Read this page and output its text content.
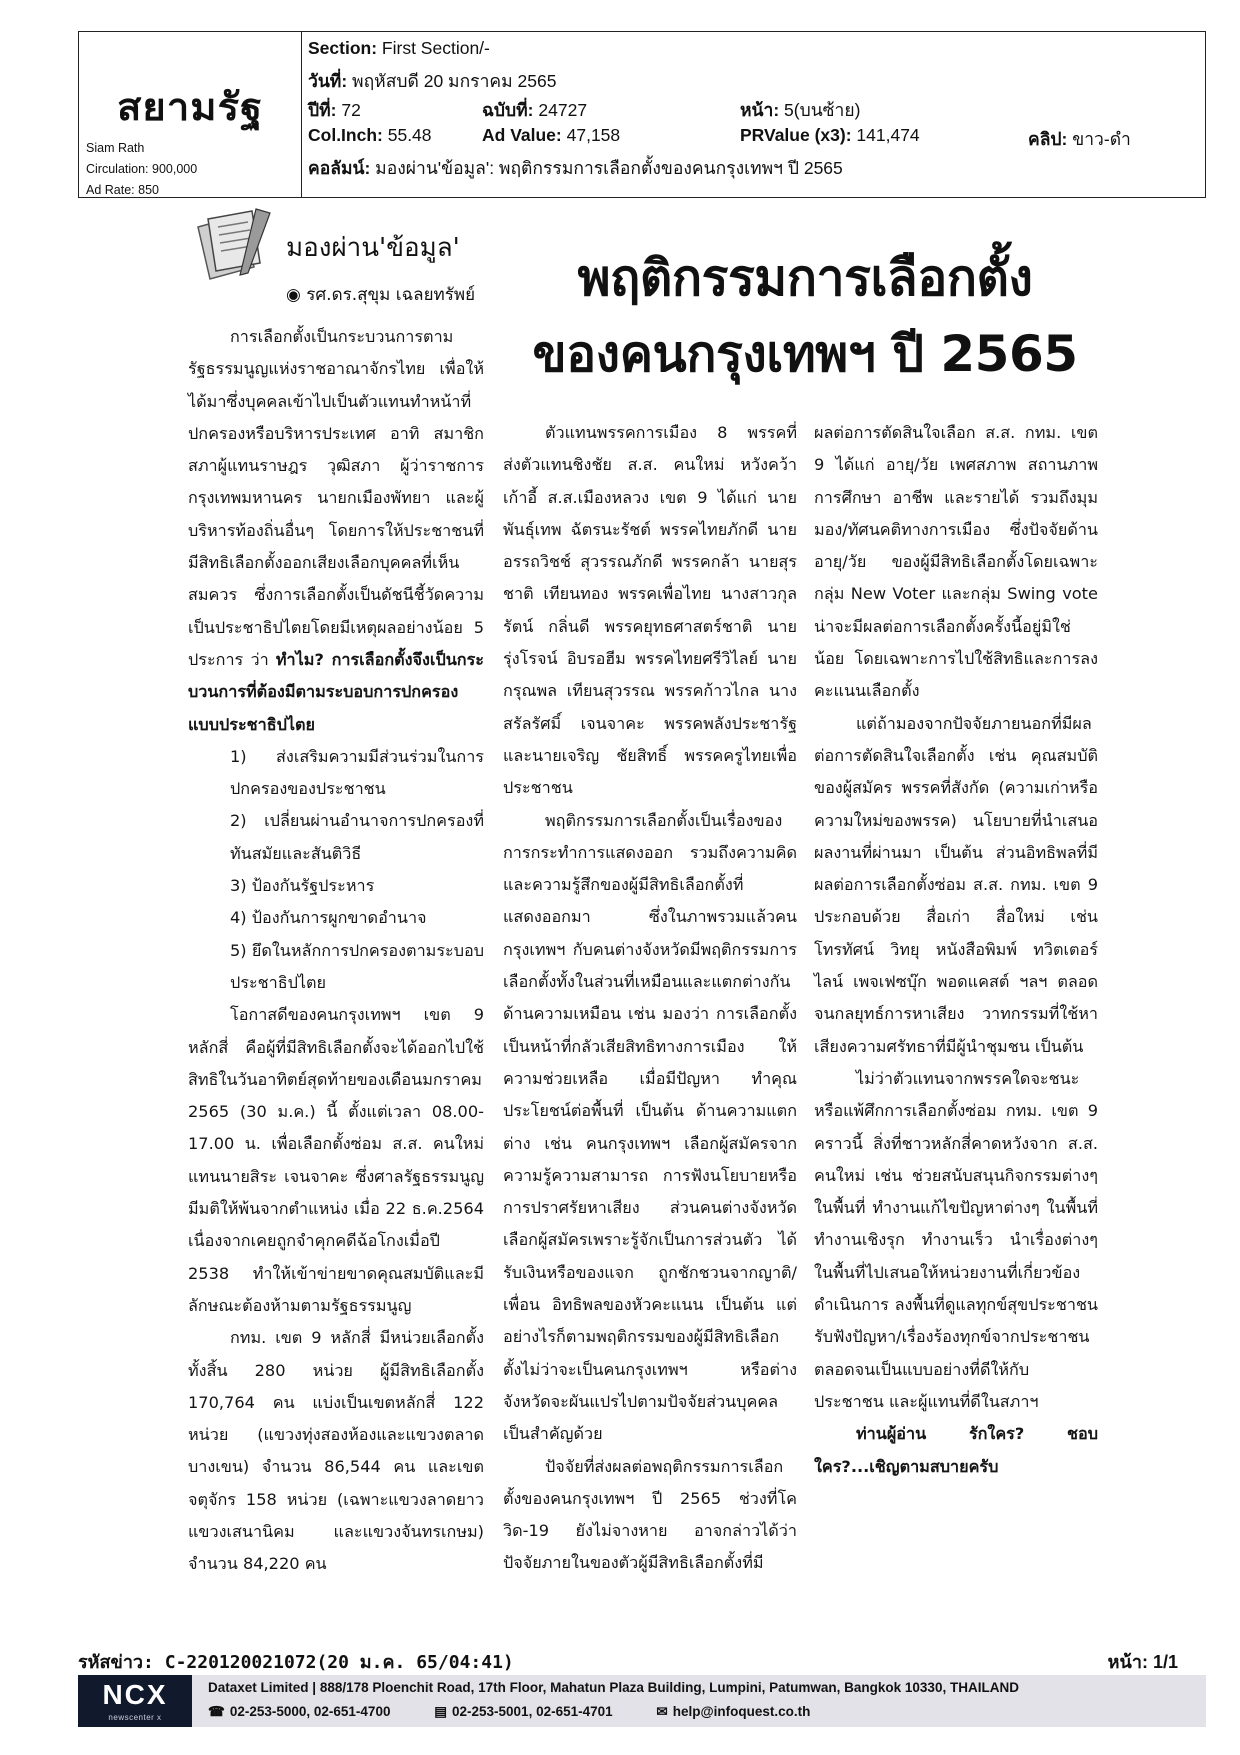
สยามรัฐ
Siam Rath
Circulation: 900,000
Ad Rate: 850
Section: First Section/-
วันที่: พฤหัสบดี 20 มกราคม 2565
ปีที่: 72	ฉบับที่: 24727	หน้า: 5(บนซ้าย)
Col.Inch: 55.48	Ad Value: 47,158	PRValue (x3): 141,474	คลิป: ขาว-ดำ
คอลัมน์: มองผ่าน'ข้อมูล': พฤติกรรมการเลือกตั้งของคนกรุงเทพฯ ปี 2565
มองผ่าน'ข้อมูล'
◉ รศ.ดร.สุขุม เฉลยทรัพย์	พฤติกรรมการเลือกตั้ง
ของคนกรุงเทพฯ ปี 2565

การเลือกตั้งเป็นกระบวนการตามรัฐธรรมนูญแห่งราชอาณาจักรไทย เพื่อให้ได้มาซึ่งบุคคลเข้าไปเป็นตัวแทนทำหน้าที่ปกครองหรือบริหารประเทศ อาทิ สมาชิกสภาผู้แทนราษฎร วุฒิสภา ผู้ว่าราชการกรุงเทพมหานคร นายกเมืองพัทยา และผู้บริหารท้องถิ่นอื่นๆ โดยการให้ประชาชนที่มีสิทธิเลือกตั้งออกเสียงเลือกบุคคลที่เห็นสมควร ซึ่งการเลือกตั้งเป็นดัชนีชี้วัดความเป็นประชาธิปไตยโดยมีเหตุผลอย่างน้อย 5 ประการ ว่า ทำไม? การเลือกตั้งจึงเป็นกระบวนการที่ต้องมีตามระบอบการปกครองแบบประชาธิปไตย

1) ส่งเสริมความมีส่วนร่วมในการปกครองของประชาชน

2) เปลี่ยนผ่านอำนาจการปกครองที่ทันสมัยและสันติวิธี

3) ป้องกันรัฐประหาร

4) ป้องกันการผูกขาดอำนาจ

5) ยึดในหลักการปกครองตามระบอบประชาธิปไตย

โอกาสดีของคนกรุงเทพฯ เขต 9 หลักสี่ คือผู้ที่มีสิทธิเลือกตั้งจะได้ออกไปใช้สิทธิในวันอาทิตย์สุดท้ายของเดือนมกราคม 2565 (30 ม.ค.) นี้ ตั้งแต่เวลา 08.00-17.00 น. เพื่อเลือกตั้งซ่อม ส.ส. คนใหม่ แทนนายสิระ เจนจาคะ ซึ่งศาลรัฐธรรมนูญมีมติให้พ้นจากตำแหน่ง เมื่อ 22 ธ.ค.2564 เนื่องจากเคยถูกจำคุกคดีฉ้อโกงเมื่อปี 2538 ทำให้เข้าข่ายขาดคุณสมบัติและมีลักษณะต้องห้ามตามรัฐธรรมนูญ

กทม. เขต 9 หลักสี่ มีหน่วยเลือกตั้งทั้งสิ้น 280 หน่วย ผู้มีสิทธิเลือกตั้ง 170,764 คน แบ่งเป็นเขตหลักสี่ 122 หน่วย (แขวงทุ่งสองห้องและแขวงตลาดบางเขน) จำนวน 86,544 คน และเขตจตุจักร 158 หน่วย (เฉพาะแขวงลาดยาว แขวงเสนานิคม และแขวงจันทรเกษม) จำนวน 84,220 คน

ตัวแทนพรรคการเมือง 8 พรรคที่ส่งตัวแทนชิงชัย ส.ส. คนใหม่ หวังคว้าเก้าอี้ ส.ส.เมืองหลวง เขต 9 ได้แก่ นายพันธุ์เทพ ฉัตรนะรัชต์ พรรคไทยภักดี นายอรรถวิชช์ สุวรรณภักดี พรรคกล้า นายสุรชาติ เทียนทอง พรรคเพื่อไทย นางสาวกุลรัตน์ กลิ่นดี พรรคยุทธศาสตร์ชาติ นายรุ่งโรจน์ อิบรอฮีม พรรคไทยศรีวิไลย์ นายกรุณพล เทียนสุวรรณ พรรคก้าวไกล นางสรัลรัศมิ์ เจนจาคะ พรรคพลังประชารัฐ และนายเจริญ ชัยสิทธิ์ พรรคครูไทยเพื่อประชาชน

พฤติกรรมการเลือกตั้งเป็นเรื่องของการกระทำการแสดงออก รวมถึงความคิด และความรู้สึกของผู้มีสิทธิเลือกตั้งที่แสดงออกมา ซึ่งในภาพรวมแล้วคนกรุงเทพฯ กับคนต่างจังหวัดมีพฤติกรรมการเลือกตั้งทั้งในส่วนที่เหมือนและแตกต่างกันด้านความเหมือน เช่น มองว่า การเลือกตั้งเป็นหน้าที่กลัวเสียสิทธิทางการเมือง ให้ความช่วยเหลือ เมื่อมีปัญหา ทำคุณประโยชน์ต่อพื้นที่ เป็นต้น ด้านความแตกต่าง เช่น คนกรุงเทพฯ เลือกผู้สมัครจากความรู้ความสามารถ การฟังนโยบายหรือการปราศรัยหาเสียง ส่วนคนต่างจังหวัดเลือกผู้สมัครเพราะรู้จักเป็นการส่วนตัว ได้รับเงินหรือของแจก ถูกชักชวนจากญาติ/เพื่อน อิทธิพลของหัวคะแนน เป็นต้น แต่อย่างไรก็ตามพฤติกรรมของผู้มีสิทธิเลือกตั้งไม่ว่าจะเป็นคนกรุงเทพฯ หรือต่างจังหวัดจะผันแปรไปตามปัจจัยส่วนบุคคลเป็นสำคัญด้วย

ปัจจัยที่ส่งผลต่อพฤติกรรมการเลือกตั้งของคนกรุงเทพฯ ปี 2565 ช่วงที่โควิด-19 ยังไม่จางหาย อาจกล่าวได้ว่า ปัจจัยภายในของตัวผู้มีสิทธิเลือกตั้งที่มี

ผลต่อการตัดสินใจเลือก ส.ส. กทม. เขต 9 ได้แก่ อายุ/วัย เพศสภาพ สถานภาพ การศึกษา อาชีพ และรายได้ รวมถึงมุมมอง/ทัศนคติทางการเมือง ซึ่งปัจจัยด้านอายุ/วัย ของผู้มีสิทธิเลือกตั้งโดยเฉพาะกลุ่ม New Voter และกลุ่ม Swing vote น่าจะมีผลต่อการเลือกตั้งครั้งนี้อยู่มิใช่น้อย โดยเฉพาะการไปใช้สิทธิและการลงคะแนนเลือกตั้ง

แต่ถ้ามองจากปัจจัยภายนอกที่มีผลต่อการตัดสินใจเลือกตั้ง เช่น คุณสมบัติของผู้สมัคร พรรคที่สังกัด (ความเก่าหรือความใหม่ของพรรค) นโยบายที่นำเสนอผลงานที่ผ่านมา เป็นต้น ส่วนอิทธิพลที่มีผลต่อการเลือกตั้งซ่อม ส.ส. กทม. เขต 9 ประกอบด้วย สื่อเก่า สื่อใหม่ เช่น โทรทัศน์ วิทยุ หนังสือพิมพ์ ทวิตเตอร์ ไลน์ เพจเฟซบุ๊ก พอดแคสต์ ฯลฯ ตลอดจนกลยุทธ์การหาเสียง วาทกรรมที่ใช้หาเสียงความศรัทธาที่มีผู้นำชุมชน เป็นต้น

ไม่ว่าตัวแทนจากพรรคใดจะชนะหรือแพ้ศึกการเลือกตั้งซ่อม กทม. เขต 9 คราวนี้ สิ่งที่ชาวหลักสี่คาดหวังจาก ส.ส. คนใหม่ เช่น ช่วยสนับสนุนกิจกรรมต่างๆ ในพื้นที่ ทำงานแก้ไขปัญหาต่างๆ ในพื้นที่ ทำงานเชิงรุก ทำงานเร็ว นำเรื่องต่างๆ ในพื้นที่ไปเสนอให้หน่วยงานที่เกี่ยวข้องดำเนินการ ลงพื้นที่ดูแลทุกข์สุขประชาชน รับฟังปัญหา/เรื่องร้องทุกข์จากประชาชน ตลอดจนเป็นแบบอย่างที่ดีให้กับประชาชน และผู้แทนที่ดีในสภาฯ

ท่านผู้อ่าน รักใคร? ชอบใคร?...เชิญตามสบายครับ

รหัสข่าว: C-220120021072(20 ม.ค. 65/04:41)	หน้า: 1/1
NCX
newscenter x
Dataxet Limited | 888/178 Ploenchit Road, 17th Floor, Mahatun Plaza Building, Lumpini, Patumwan, Bangkok 10330, THAILAND
☎ 02-253-5000, 02-651-4700	▤ 02-253-5001, 02-651-4701	✉ help@infoquest.co.th
